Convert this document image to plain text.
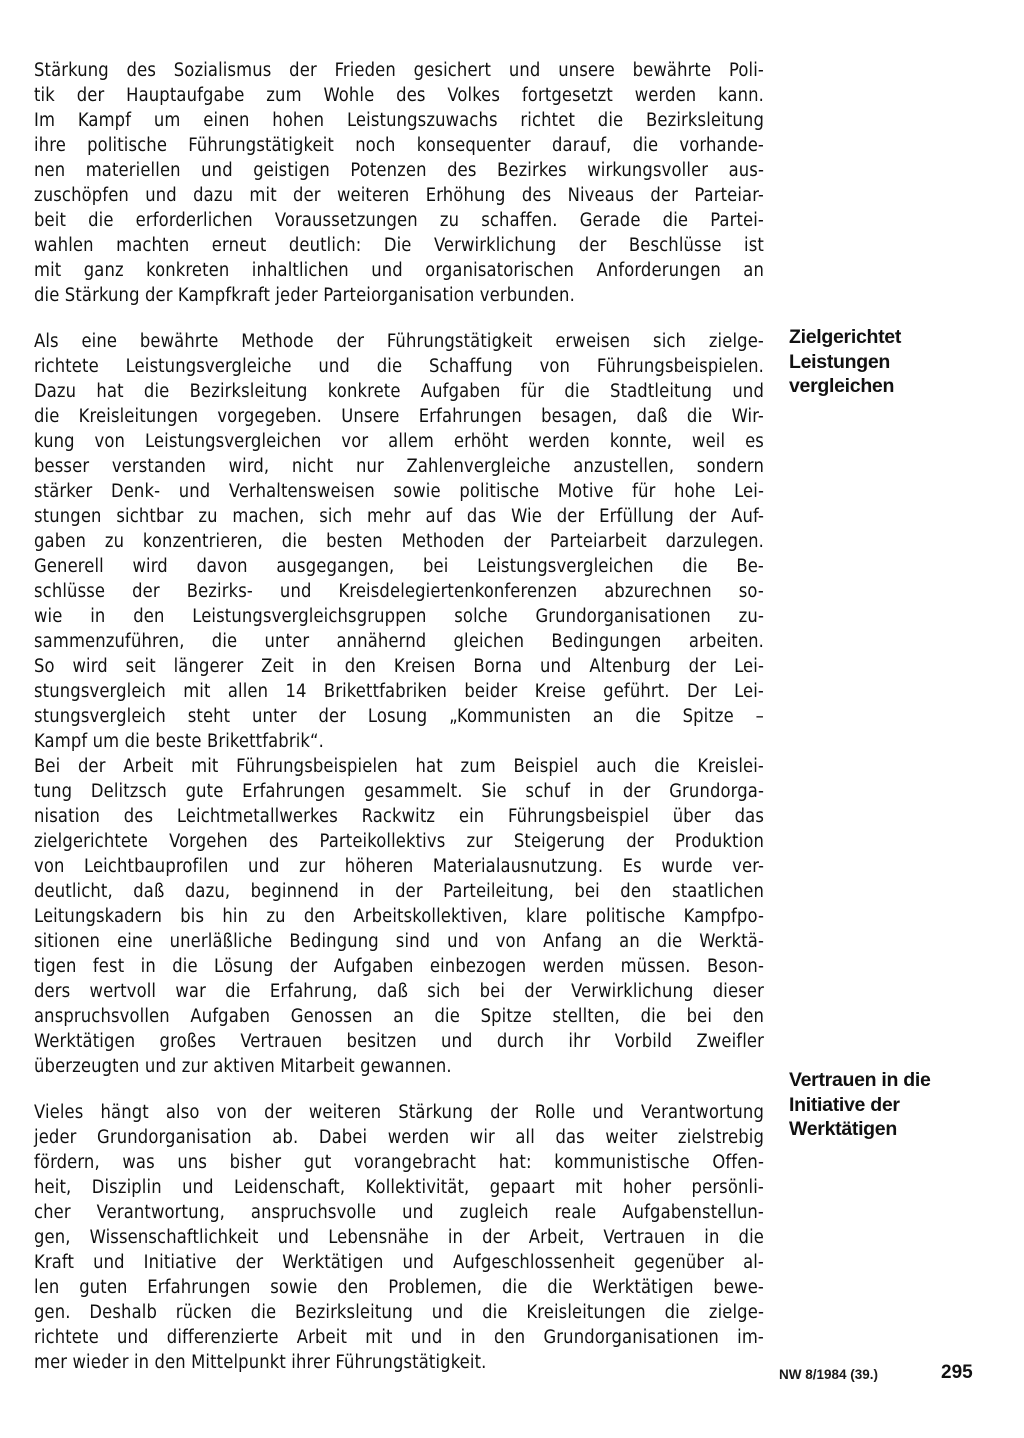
Stärkung des Sozialismus der Frieden gesichert und unsere bewährte Poli-
tik der Hauptaufgabe zum Wohle des Volkes fortgesetzt werden kann.
Im Kampf um einen hohen Leistungszuwachs richtet die Bezirksleitung
ihre politische Führungstätigkeit noch konsequenter darauf, die vorhande-
nen materiellen und geistigen Potenzen des Bezirkes wirkungsvoller aus-
zuschöpfen und dazu mit der weiteren Erhöhung des Niveaus der Parteiar-
beit die erforderlichen Voraussetzungen zu schaffen. Gerade die Partei-
wahlen machten erneut deutlich: Die Verwirklichung der Beschlüsse ist
mit ganz konkreten inhaltlichen und organisatorischen Anforderungen an
die Stärkung der Kampfkraft jeder Parteiorganisation verbunden.
Als eine bewährte Methode der Führungstätigkeit erweisen sich zielge-
richtete Leistungsvergleiche und die Schaffung von Führungsbeispielen.
Dazu hat die Bezirksleitung konkrete Aufgaben für die Stadtleitung und
die Kreisleitungen vorgegeben. Unsere Erfahrungen besagen, daß die Wir-
kung von Leistungsvergleichen vor allem erhöht werden konnte, weil es
besser verstanden wird, nicht nur Zahlenvergleiche anzustellen, sondern
stärker Denk- und Verhaltensweisen sowie politische Motive für hohe Lei-
stungen sichtbar zu machen, sich mehr auf das Wie der Erfüllung der Auf-
gaben zu konzentrieren, die besten Methoden der Parteiarbeit darzulegen.
Generell wird davon ausgegangen, bei Leistungsvergleichen die Be-
schlüsse der Bezirks- und Kreisdelegiertenkonferenzen abzurechnen so-
wie in den Leistungsvergleichsgruppen solche Grundorganisationen zu-
sammenzuführen, die unter annähernd gleichen Bedingungen arbeiten.
So wird seit längerer Zeit in den Kreisen Borna und Altenburg der Lei-
stungsvergleich mit allen 14 Brikettfabriken beider Kreise geführt. Der Lei-
stungsvergleich steht unter der Losung „Kommunisten an die Spitze –
Kampf um die beste Brikettfabrik“.
Bei der Arbeit mit Führungsbeispielen hat zum Beispiel auch die Kreislei-
tung Delitzsch gute Erfahrungen gesammelt. Sie schuf in der Grundorga-
nisation des Leichtmetallwerkes Rackwitz ein Führungsbeispiel über das
zielgerichtete Vorgehen des Parteikollektivs zur Steigerung der Produktion
von Leichtbauprofilen und zur höheren Materialausnutzung. Es wurde ver-
deutlicht, daß dazu, beginnend in der Parteileitung, bei den staatlichen
Leitungskadern bis hin zu den Arbeitskollektiven, klare politische Kampfpo-
sitionen eine unerläßliche Bedingung sind und von Anfang an die Werktä-
tigen fest in die Lösung der Aufgaben einbezogen werden müssen. Beson-
ders wertvoll war die Erfahrung, daß sich bei der Verwirklichung dieser
anspruchsvollen Aufgaben Genossen an die Spitze stellten, die bei den
Werktätigen großes Vertrauen besitzen und durch ihr Vorbild Zweifler
überzeugten und zur aktiven Mitarbeit gewannen.
Vieles hängt also von der weiteren Stärkung der Rolle und Verantwortung
jeder Grundorganisation ab. Dabei werden wir all das weiter zielstrebig
fördern, was uns bisher gut vorangebracht hat: kommunistische Offen-
heit, Disziplin und Leidenschaft, Kollektivität, gepaart mit hoher persönli-
cher Verantwortung, anspruchsvolle und zugleich reale Aufgabenstellun-
gen, Wissenschaftlichkeit und Lebensnähe in der Arbeit, Vertrauen in die
Kraft und Initiative der Werktätigen und Aufgeschlossenheit gegenüber al-
len guten Erfahrungen sowie den Problemen, die die Werktätigen bewe-
gen. Deshalb rücken die Bezirksleitung und die Kreisleitungen die zielge-
richtete und differenzierte Arbeit mit und in den Grundorganisationen im-
mer wieder in den Mittelpunkt ihrer Führungstätigkeit.
Zielgerichtet
Leistungen
vergleichen
Vertrauen in die
Initiative der
Werktätigen
NW 8/1984 (39.)	295
